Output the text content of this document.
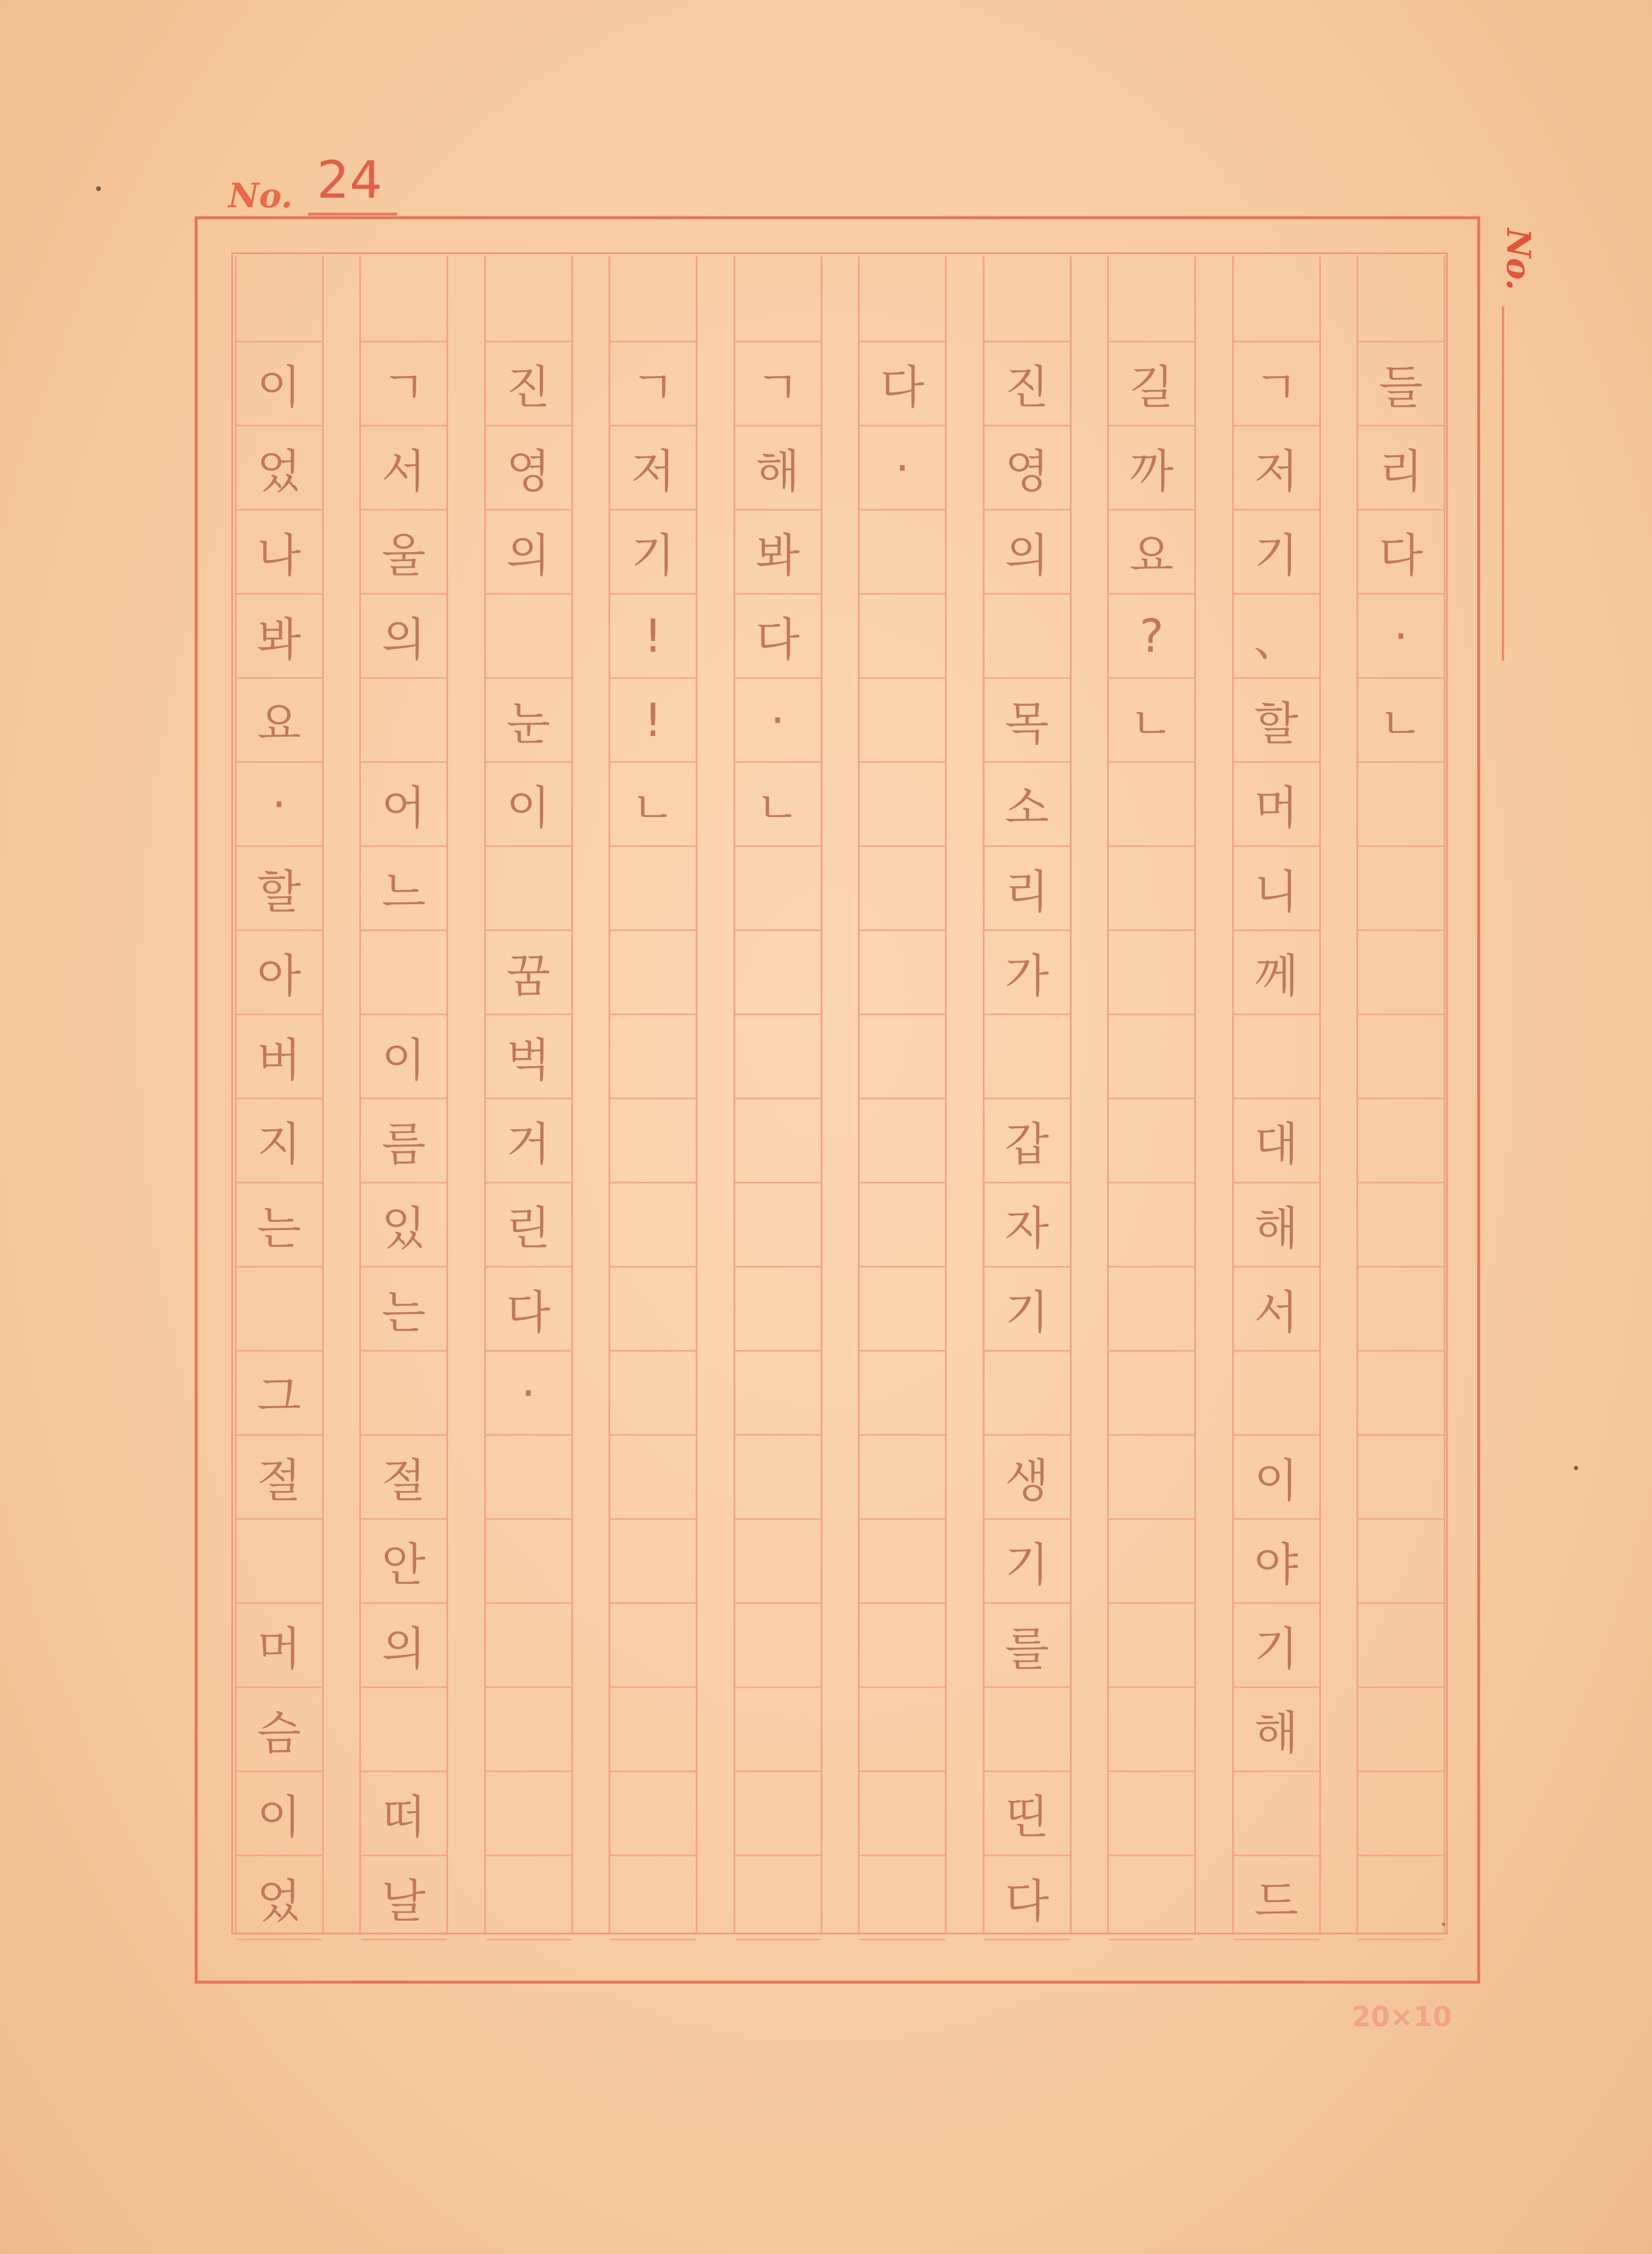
No. 24
No.
들
리
다
·
ㄴ
ㄱ
저
기
、
할
머
니
께
대
해
서
이
야
기
해
드
길
까
요
?
ㄴ
진
영
의
목
소
리
가
갑
자
기
생
기
를
띤
다
다
·
ㄱ
해
봐
다
·
ㄴ
ㄱ
저
기
!
!
ㄴ
진
영
의
눈
이
꿈
벅
거
린
다
·
ㄱ
서
울
의
어
느
이
름
있
는
절
안
의
떠
날
이
었
나
봐
요
·
할
아
버
지
는
그
절
머
슴
이
었
20×10
